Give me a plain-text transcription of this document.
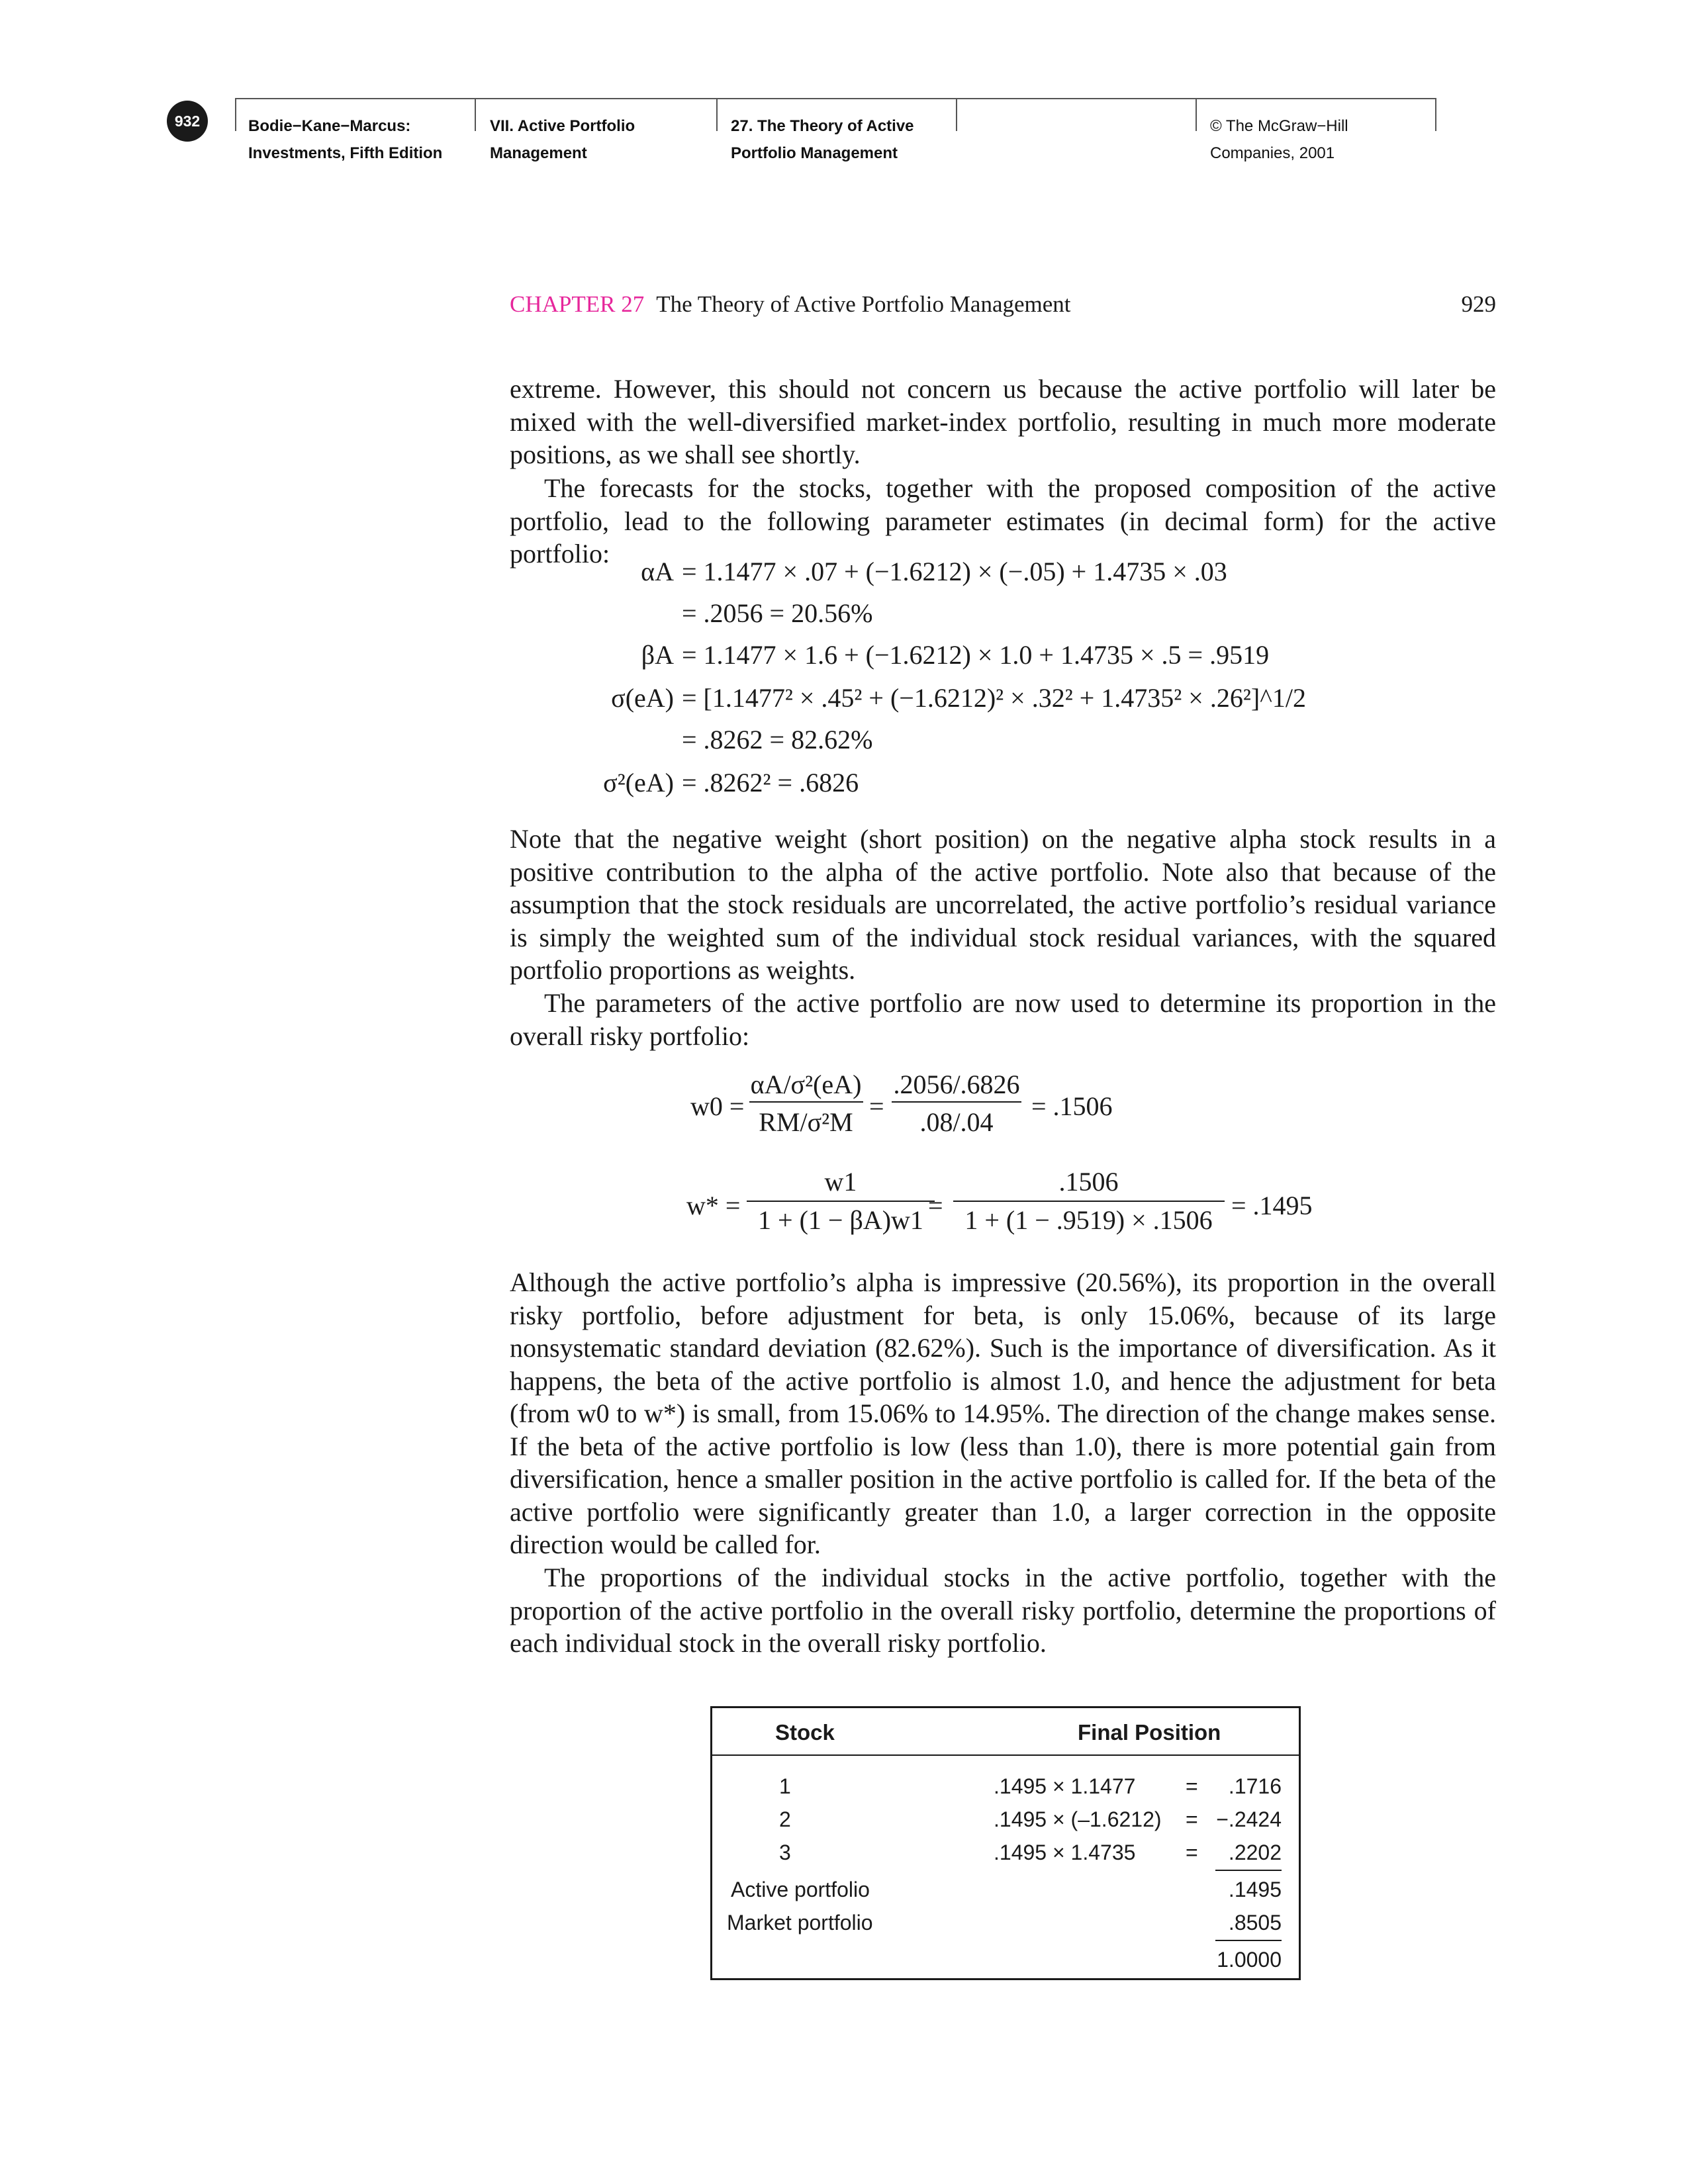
932	Bodie−Kane−Marcus:
Investments, Fifth Edition
VII. Active Portfolio
Management
27. The Theory of Active
Portfolio Management
© The McGraw−Hill
Companies, 2001
CHAPTER 27 The Theory of Active Portfolio Management	929

extreme. However, this should not concern us because the active portfolio will later be mixed with the well-diversified market-index portfolio, resulting in much more moderate positions, as we shall see shortly.

The forecasts for the stocks, together with the proposed composition of the active portfolio, lead to the following parameter estimates (in decimal form) for the active portfolio:

αA = 1.1477 × .07 + (−1.6212) × (−.05) + 1.4735 × .03
= .2056 = 20.56%
βA = 1.1477 × 1.6 + (−1.6212) × 1.0 + 1.4735 × .5 = .9519
σ(eA) = [1.1477² × .45² + (−1.6212)² × .32² + 1.4735² × .26²]^1/2
= .8262 = 82.62%
σ²(eA) = .8262² = .6826

Note that the negative weight (short position) on the negative alpha stock results in a positive contribution to the alpha of the active portfolio. Note also that because of the assumption that the stock residuals are uncorrelated, the active portfolio’s residual variance is simply the weighted sum of the individual stock residual variances, with the squared portfolio proportions as weights.

The parameters of the active portfolio are now used to determine its proportion in the overall risky portfolio:

w0 =
αA/σ²(eA)
RM/σ²M
=
.2056/.6826
.08/.04
= .1506
w* =
w1
1 + (1 − βA)w1 =
.1506
1 + (1 − .9519) × .1506 = .1495

Although the active portfolio’s alpha is impressive (20.56%), its proportion in the overall risky portfolio, before adjustment for beta, is only 15.06%, because of its large nonsystematic standard deviation (82.62%). Such is the importance of diversification. As it happens, the beta of the active portfolio is almost 1.0, and hence the adjustment for beta (from w0 to w*) is small, from 15.06% to 14.95%. The direction of the change makes sense. If the beta of the active portfolio is low (less than 1.0), there is more potential gain from diversification, hence a smaller position in the active portfolio is called for. If the beta of the active portfolio were significantly greater than 1.0, a larger correction in the opposite direction would be called for.

The proportions of the individual stocks in the active portfolio, together with the proportion of the active portfolio in the overall risky portfolio, determine the proportions of each individual stock in the overall risky portfolio.

Stock	Final Position
1	.1495 × 1.1477 =	.1716
2	.1495 × (–1.6212) = −.2424
3	.1495 × 1.4735 =	.2202
Active portfolio	.1495
Market portfolio	.8505
1.0000
